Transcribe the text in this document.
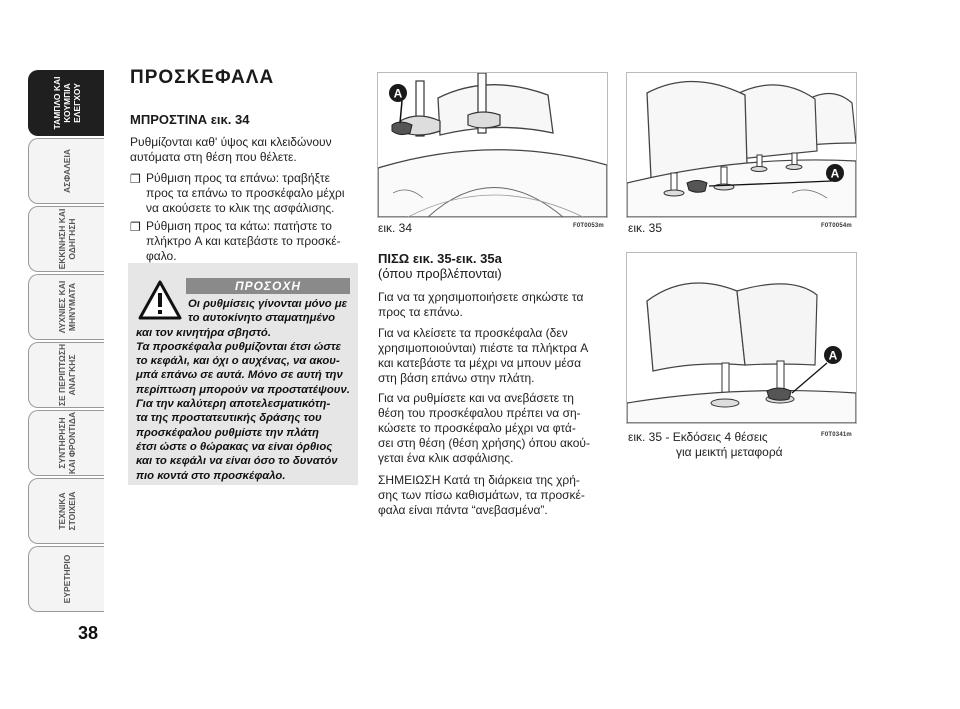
ΤΑΜΠΛΟ ΚΑΙ ΚΟΥΜΠΙΑ ΕΛΕΓΧΟΥ
ΑΣΦΑΛΕΙΑ
ΕΚΚΙΝΗΣΗ ΚΑΙ ΟΔΗΓΗΣΗ
ΛΥΧΝΙΕΣ ΚΑΙ ΜΗΝΥΜΑΤΑ
ΣΕ ΠΕΡΙΠΤΩΣΗ ΑΝΑΓΚΗΣ
ΣΥΝΤΗΡΗΣΗ ΚΑΙ ΦΡΟΝΤΙΔΑ
ΤΕΧΝΙΚΑ ΣΤΟΙΧΕΙΑ
ΕΥΡΕΤΗΡΙΟ
38
ΠΡΟΣΚΕΦΑΛΑ
ΜΠΡΟΣΤΙΝΑ εικ. 34
Ρυθμίζονται καθ' ύψος και κλειδώνουν
αυτόματα στη θέση που θέλετε.
❐ Ρύθμιση προς τα επάνω: τραβήξτε
προς τα επάνω το προσκέφαλο μέχρι
να ακούσετε το κλικ της ασφάλισης.
❐ Ρύθμιση προς τα κάτω: πατήστε το
πλήκτρο A και κατεβάστε το προσκέ-
φαλο.
ΠΡΟΣΟΧΗ
Οι ρυθμίσεις γίνονται μόνο με
το αυτοκίνητο σταματημένο
και τον κινητήρα σβηστό.
Τα προσκέφαλα ρυθμίζονται έτσι ώστε
το κεφάλι, και όχι ο αυχένας, να ακου-
μπά επάνω σε αυτά. Μόνο σε αυτή την
περίπτωση μπορούν να προστατέψουν.
Για την καλύτερη αποτελεσματικότη-
τα της προστατευτικής δράσης του
προσκέφαλου ρυθμίστε την πλάτη
έτσι ώστε ο θώρακας να είναι όρθιος
και το κεφάλι να είναι όσο το δυνατόν
πιο κοντά στο προσκέφαλο.
A
εικ. 34	F0T0053m
A
εικ. 35	F0T0054m
A
εικ. 35 - Εκδόσεις 4 θέσεις
για μεικτή μεταφορά
F0T0341m
ΠΙΣΩ εικ. 35-εικ. 35a
(όπου προβλέπονται)
Για να τα χρησιμοποιήσετε σηκώστε τα
προς τα επάνω.
Για να κλείσετε τα προσκέφαλα (δεν
χρησιμοποιούνται) πιέστε τα πλήκτρα A
και κατεβάστε τα μέχρι να μπουν μέσα
στη βάση επάνω στην πλάτη.
Για να ρυθμίσετε και να ανεβάσετε τη
θέση του προσκέφαλου πρέπει να ση-
κώσετε το προσκέφαλο μέχρι να φτά-
σει στη θέση (θέση χρήσης) όπου ακού-
γεται ένα κλικ ασφάλισης.
ΣΗΜΕΙΩΣΗ Κατά τη διάρκεια της χρή-
σης των πίσω καθισμάτων, τα προσκέ-
φαλα είναι πάντα “ανεβασμένα”.
